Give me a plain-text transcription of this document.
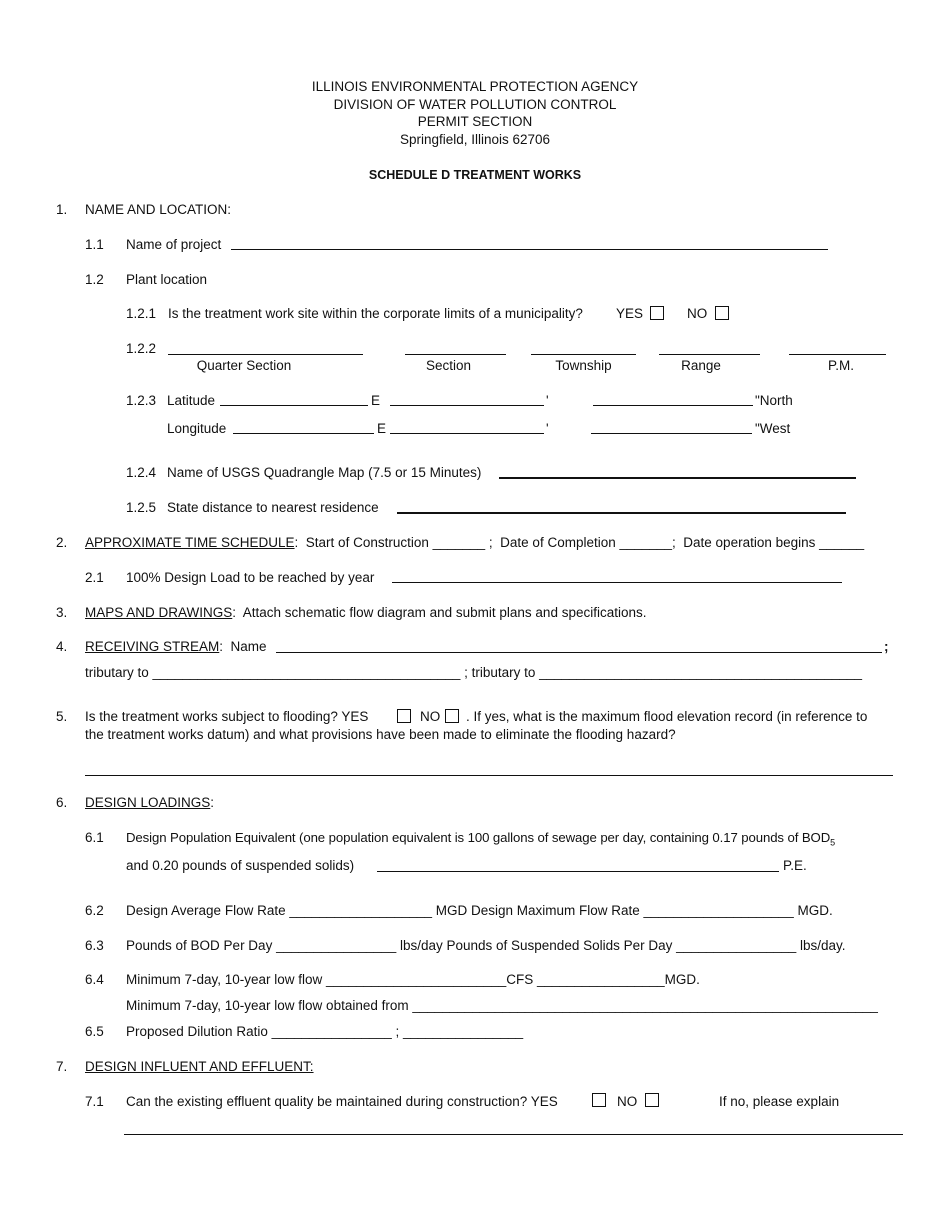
ILLINOIS ENVIRONMENTAL PROTECTION AGENCY
DIVISION OF WATER POLLUTION CONTROL
PERMIT SECTION
Springfield, Illinois 62706
SCHEDULE D TREATMENT WORKS
1. NAME AND LOCATION:
1.1 Name of project
1.2 Plant location
1.2.1 Is the treatment work site within the corporate limits of a municipality? YES	NO
1.2.2
Quarter Section	Section	Township	Range	P.M.
1.2.3 Latitude	E	'	"North
Longitude	E	'	"West
1.2.4 Name of USGS Quadrangle Map (7.5 or 15 Minutes)
1.2.5 State distance to nearest residence
2. APPROXIMATE TIME SCHEDULE:  Start of Construction _______ ;  Date of Completion _______;  Date operation begins ______
2.1 100% Design Load to be reached by year
3. MAPS AND DRAWINGS:  Attach schematic flow diagram and submit plans and specifications.
4. RECEIVING STREAM:  Name	;
tributary to _________________________________________ ; tributary to ___________________________________________
5. Is the treatment works subject to flooding? YES	NO . If yes, what is the maximum flood elevation record (in reference to
the treatment works datum) and what provisions have been made to eliminate the flooding hazard?
6. DESIGN LOADINGS:
6.1 Design Population Equivalent (one population equivalent is 100 gallons of sewage per day, containing 0.17 pounds of $BOD_5$
and 0.20 pounds of suspended solids)	P.E.
6.2 Design Average Flow Rate ___________________ MGD Design Maximum Flow Rate ____________________ MGD.
6.3 Pounds of BOD Per Day ________________ lbs/day Pounds of Suspended Solids Per Day ________________ lbs/day.
6.4 Minimum 7-day, 10-year low flow ________________________CFS _________________MGD.
Minimum 7-day, 10-year low flow obtained from ______________________________________________________________
6.5 Proposed Dilution Ratio ________________ ; ________________
7. DESIGN INFLUENT AND EFFLUENT:
7.1 Can the existing effluent quality be maintained during construction? YES	NO	If no, please explain
